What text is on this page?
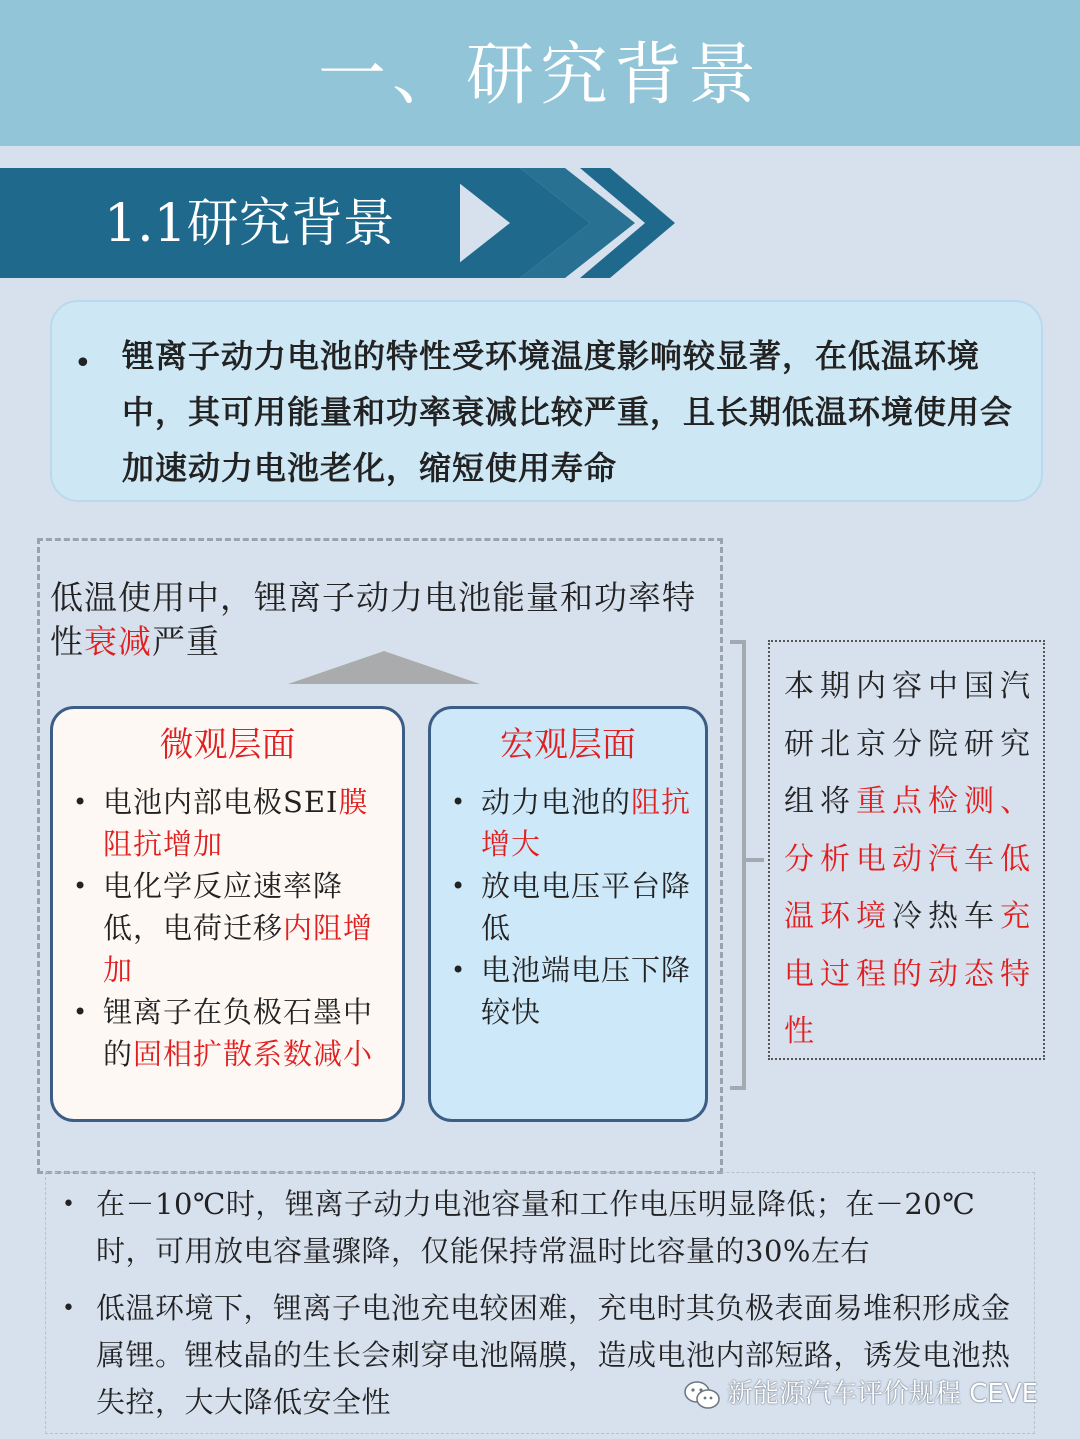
一、研究背景
1.1研究背景
• 锂离子动力电池的特性受环境温度影响较显著，在低温环境中，其可用能量和功率衰减比较严重，且长期低温环境使用会加速动力电池老化，缩短使用寿命
低温使用中，锂离子动力电池能量和功率特性衰减严重
微观层面
• 电池内部电极SEI膜阻抗增加
• 电化学反应速率降低，电荷迁移内阻增加
• 锂离子在负极石墨中的固相扩散系数减小
宏观层面
• 动力电池的阻抗增大
• 放电电压平台降低
• 电池端电压下降较快
本期内容中国汽研北京分院研究组将重点检测、分析电动汽车低温环境冷热车充电过程的动态特性
• 在－10℃时，锂离子动力电池容量和工作电压明显降低；在－20℃时，可用放电容量骤降，仅能保持常温时比容量的30%左右
• 低温环境下，锂离子电池充电较困难，充电时其负极表面易堆积形成金属锂。锂枝晶的生长会刺穿电池隔膜，造成电池内部短路，诱发电池热失控，大大降低安全性	新能源汽车评价规程 CEVE
